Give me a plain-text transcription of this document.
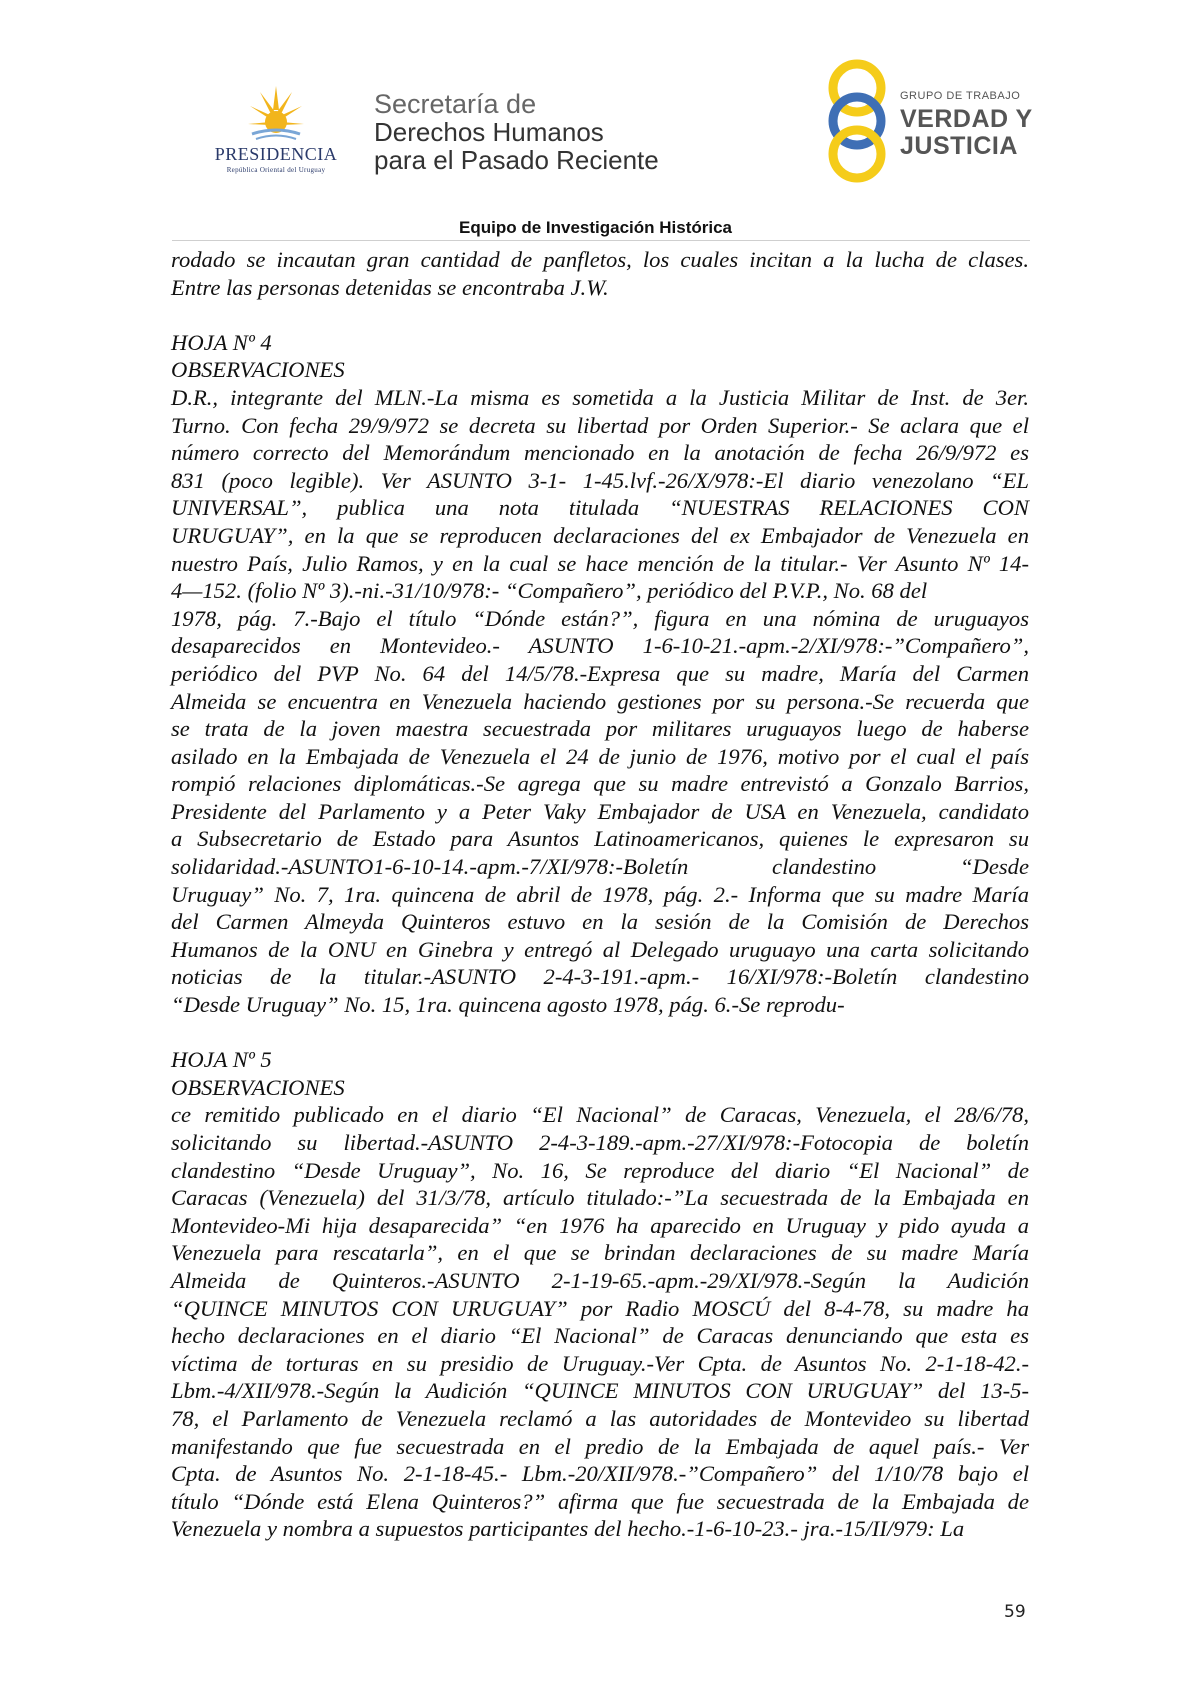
PRESIDENCIA
República Oriental del Uruguay
Secretaría de
Derechos Humanos
para el Pasado Reciente
GRUPO DE TRABAJO
VERDAD Y
JUSTICIA
Equipo de Investigación Histórica

rodado se incautan gran cantidad de panfletos, los cuales incitan a la lucha de clases.

Entre las personas detenidas se encontraba J.W.

HOJA Nº 4

OBSERVACIONES

D.R., integrante del MLN.-La misma es sometida a la Justicia Militar de Inst. de 3er.

Turno. Con fecha 29/9/972 se decreta su libertad por Orden Superior.- Se aclara que el

número correcto del Memorándum mencionado en la anotación de fecha 26/9/972 es

831 (poco legible). Ver ASUNTO 3-1- 1-45.lvf.-26/X/978:-El diario venezolano “EL

UNIVERSAL”, publica una nota titulada “NUESTRAS RELACIONES CON

URUGUAY”, en la que se reproducen declaraciones del ex Embajador de Venezuela en

nuestro País, Julio Ramos, y en la cual se hace mención de la titular.- Ver Asunto Nº 14-

4—152. (folio Nº 3).-ni.-31/10/978:- “Compañero”, periódico del P.V.P., No. 68 del

1978, pág. 7.-Bajo el título “Dónde están?”, figura en una nómina de uruguayos

desaparecidos en Montevideo.- ASUNTO 1-6-10-21.-apm.-2/XI/978:-”Compañero”,

periódico del PVP No. 64 del 14/5/78.-Expresa que su madre, María del Carmen

Almeida se encuentra en Venezuela haciendo gestiones por su persona.-Se recuerda que

se trata de la joven maestra secuestrada por militares uruguayos luego de haberse

asilado en la Embajada de Venezuela el 24 de junio de 1976, motivo por el cual el país

rompió relaciones diplomáticas.-Se agrega que su madre entrevistó a Gonzalo Barrios,

Presidente del Parlamento y a Peter Vaky Embajador de USA en Venezuela, candidato

a Subsecretario de Estado para Asuntos Latinoamericanos, quienes le expresaron su

solidaridad.-ASUNTO1-6-10-14.-apm.-7/XI/978:-Boletín clandestino “Desde

Uruguay” No. 7, 1ra. quincena de abril de 1978, pág. 2.- Informa que su madre María

del Carmen Almeyda Quinteros estuvo en la sesión de la Comisión de Derechos

Humanos de la ONU en Ginebra y entregó al Delegado uruguayo una carta solicitando

noticias de la titular.-ASUNTO 2-4-3-191.-apm.- 16/XI/978:-Boletín clandestino

“Desde Uruguay” No. 15, 1ra. quincena agosto 1978, pág. 6.-Se reprodu-

HOJA Nº 5

OBSERVACIONES

ce remitido publicado en el diario “El Nacional” de Caracas, Venezuela, el 28/6/78,

solicitando su libertad.-ASUNTO 2-4-3-189.-apm.-27/XI/978:-Fotocopia de boletín

clandestino “Desde Uruguay”, No. 16, Se reproduce del diario “El Nacional” de

Caracas (Venezuela) del 31/3/78, artículo titulado:-”La secuestrada de la Embajada en

Montevideo-Mi hija desaparecida” “en 1976 ha aparecido en Uruguay y pido ayuda a

Venezuela para rescatarla”, en el que se brindan declaraciones de su madre María

Almeida de Quinteros.-ASUNTO 2-1-19-65.-apm.-29/XI/978.-Según la Audición

“QUINCE MINUTOS CON URUGUAY” por Radio MOSCÚ del 8-4-78, su madre ha

hecho declaraciones en el diario “El Nacional” de Caracas denunciando que esta es

víctima de torturas en su presidio de Uruguay.-Ver Cpta. de Asuntos No. 2-1-18-42.-

Lbm.-4/XII/978.-Según la Audición “QUINCE MINUTOS CON URUGUAY” del 13-5-

78, el Parlamento de Venezuela reclamó a las autoridades de Montevideo su libertad

manifestando que fue secuestrada en el predio de la Embajada de aquel país.- Ver

Cpta. de Asuntos No. 2-1-18-45.- Lbm.-20/XII/978.-”Compañero” del 1/10/78 bajo el

título “Dónde está Elena Quinteros?” afirma que fue secuestrada de la Embajada de

Venezuela y nombra a supuestos participantes del hecho.-1-6-10-23.- jra.-15/II/979: La

59
